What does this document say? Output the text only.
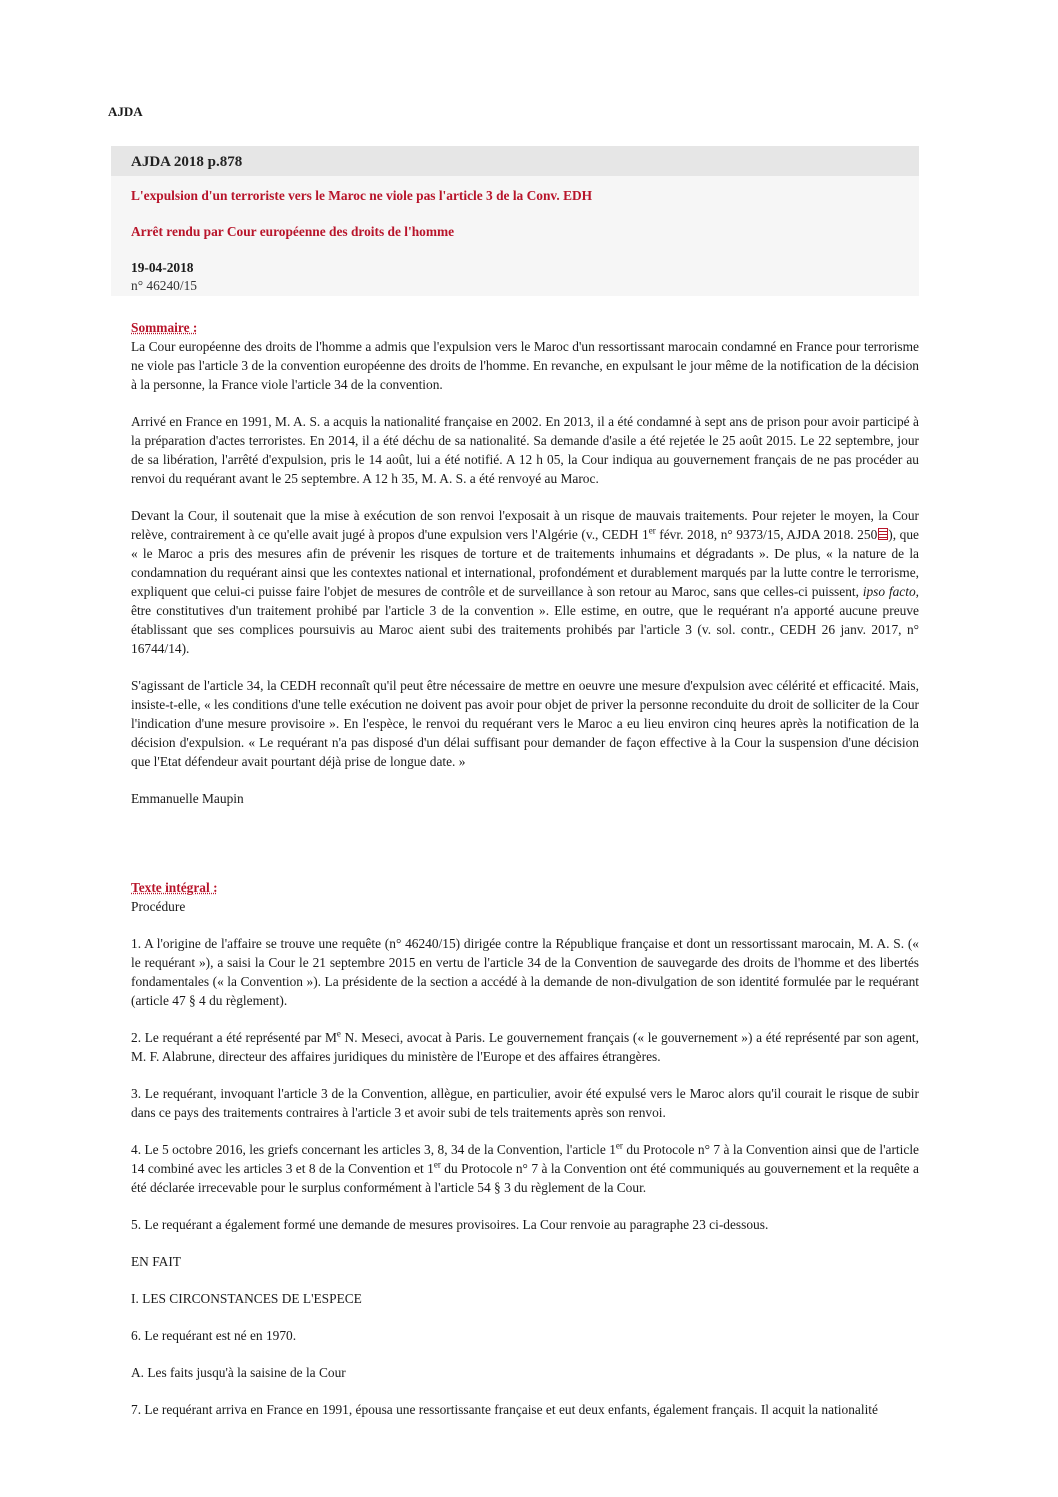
AJDA
AJDA 2018 p.878
L'expulsion d'un terroriste vers le Maroc ne viole pas l'article 3 de la Conv. EDH
Arrêt rendu par Cour européenne des droits de l'homme
19-04-2018
n° 46240/15
Sommaire :

La Cour européenne des droits de l'homme a admis que l'expulsion vers le Maroc d'un ressortissant marocain condamné en France pour terrorisme ne viole pas l'article 3 de la convention européenne des droits de l'homme. En revanche, en expulsant le jour même de la notification de la décision à la personne, la France viole l'article 34 de la convention.

Arrivé en France en 1991, M. A. S. a acquis la nationalité française en 2002. En 2013, il a été condamné à sept ans de prison pour avoir participé à la préparation d'actes terroristes. En 2014, il a été déchu de sa nationalité. Sa demande d'asile a été rejetée le 25 août 2015. Le 22 septembre, jour de sa libération, l'arrêté d'expulsion, pris le 14 août, lui a été notifié. A 12 h 05, la Cour indiqua au gouvernement français de ne pas procéder au renvoi du requérant avant le 25 septembre. A 12 h 35, M. A. S. a été renvoyé au Maroc.

Devant la Cour, il soutenait que la mise à exécution de son renvoi l'exposait à un risque de mauvais traitements. Pour rejeter le moyen, la Cour relève, contrairement à ce qu'elle avait jugé à propos d'une expulsion vers l'Algérie (v., CEDH 1er févr. 2018, n° 9373/15, AJDA 2018. 250 ), que « le Maroc a pris des mesures afin de prévenir les risques de torture et de traitements inhumains et dégradants ». De plus, « la nature de la condamnation du requérant ainsi que les contextes national et international, profondément et durablement marqués par la lutte contre le terrorisme, expliquent que celui-ci puisse faire l'objet de mesures de contrôle et de surveillance à son retour au Maroc, sans que celles-ci puissent, ipso facto, être constitutives d'un traitement prohibé par l'article 3 de la convention ». Elle estime, en outre, que le requérant n'a apporté aucune preuve établissant que ses complices poursuivis au Maroc aient subi des traitements prohibés par l'article 3 (v. sol. contr., CEDH 26 janv. 2017, n° 16744/14).

S'agissant de l'article 34, la CEDH reconnaît qu'il peut être nécessaire de mettre en oeuvre une mesure d'expulsion avec célérité et efficacité. Mais, insiste-t-elle, « les conditions d'une telle exécution ne doivent pas avoir pour objet de priver la personne reconduite du droit de solliciter de la Cour l'indication d'une mesure provisoire ». En l'espèce, le renvoi du requérant vers le Maroc a eu lieu environ cinq heures après la notification de la décision d'expulsion. « Le requérant n'a pas disposé d'un délai suffisant pour demander de façon effective à la Cour la suspension d'une décision que l'Etat défendeur avait pourtant déjà prise de longue date. »

Emmanuelle Maupin

Texte intégral :

Procédure

1. A l'origine de l'affaire se trouve une requête (n° 46240/15) dirigée contre la République française et dont un ressortissant marocain, M. A. S. (« le requérant »), a saisi la Cour le 21 septembre 2015 en vertu de l'article 34 de la Convention de sauvegarde des droits de l'homme et des libertés fondamentales (« la Convention »). La présidente de la section a accédé à la demande de non-divulgation de son identité formulée par le requérant (article 47 § 4 du règlement).

2. Le requérant a été représenté par Me N. Meseci, avocat à Paris. Le gouvernement français (« le gouvernement ») a été représenté par son agent, M. F. Alabrune, directeur des affaires juridiques du ministère de l'Europe et des affaires étrangères.

3. Le requérant, invoquant l'article 3 de la Convention, allègue, en particulier, avoir été expulsé vers le Maroc alors qu'il courait le risque de subir dans ce pays des traitements contraires à l'article 3 et avoir subi de tels traitements après son renvoi.

4. Le 5 octobre 2016, les griefs concernant les articles 3, 8, 34 de la Convention, l'article 1er du Protocole n° 7 à la Convention ainsi que de l'article 14 combiné avec les articles 3 et 8 de la Convention et 1er du Protocole n° 7 à la Convention ont été communiqués au gouvernement et la requête a été déclarée irrecevable pour le surplus conformément à l'article 54 § 3 du règlement de la Cour.

5. Le requérant a également formé une demande de mesures provisoires. La Cour renvoie au paragraphe 23 ci-dessous.

EN FAIT

I. LES CIRCONSTANCES DE L'ESPECE

6. Le requérant est né en 1970.

A. Les faits jusqu'à la saisine de la Cour

7. Le requérant arriva en France en 1991, épousa une ressortissante française et eut deux enfants, également français. Il acquit la nationalité
